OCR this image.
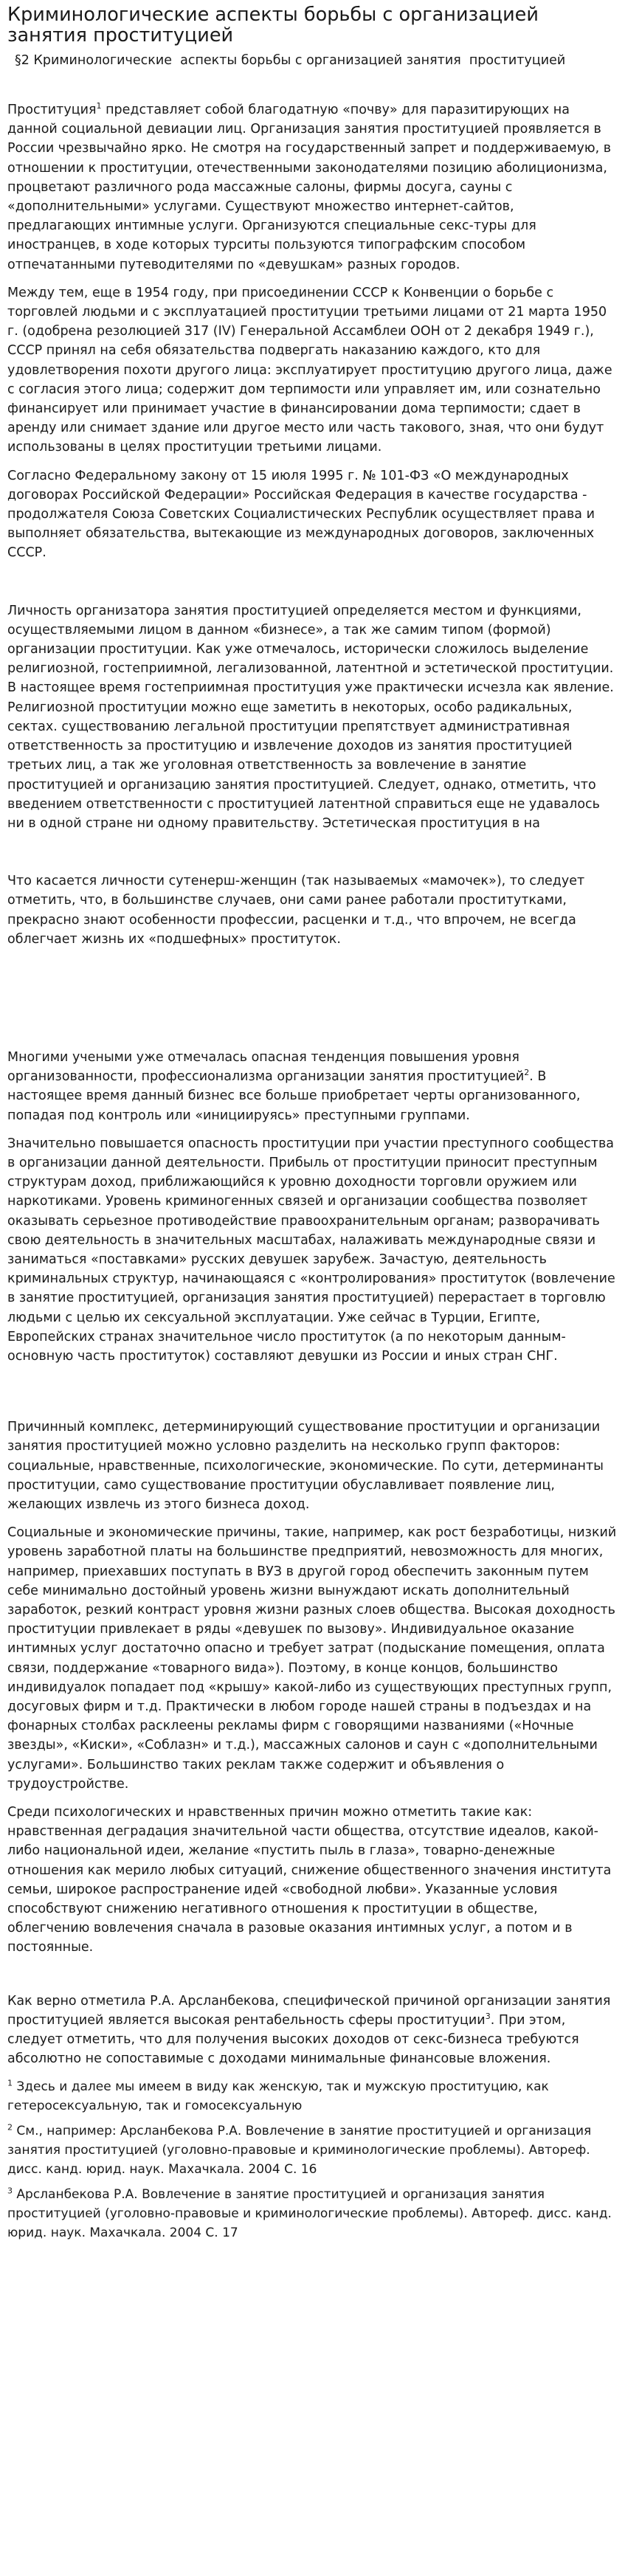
Криминологические аспекты борьбы с организацией занятия проституцией
§2 Криминологические  аспекты борьбы с организацией занятия  проституцией

Проституция$^1$ представляет собой благодатную «почву» для паразитирующих на данной социальной девиации лиц. Организация занятия проституцией проявляется в России чрезвычайно ярко. Не смотря на государственный запрет и поддерживаемую, в отношении к проституции, отечественными законодателями позицию аболиционизма, процветают различного рода массажные салоны, фирмы досуга, сауны с «дополнительными» услугами. Существуют множество интернет-сайтов, предлагающих интимные услуги. Организуются специальные секс-туры для иностранцев, в ходе которых турситы пользуются типографским способом отпечатанными путеводителями по «девушкам» разных городов.

Между тем, еще в 1954 году, при присоединении СССР к Конвенции о борьбе с торговлей людьми и с эксплуатацией проституции третьими лицами от 21 марта 1950 г. (одобрена резолюцией 317 (IV) Генеральной Ассамблеи ООН от 2 декабря 1949 г.), СССР принял на себя обязательства подвергать наказанию каждого, кто для удовлетворения похоти другого лица: эксплуатирует проституцию другого лица, даже с согласия этого лица; содержит дом терпимости или управляет им, или сознательно финансирует или принимает участие в финансировании дома терпимости; сдает в аренду или снимает здание или другое место или часть такового, зная, что они будут использованы в целях проституции третьими лицами.

Согласно Федеральному закону от 15 июля 1995 г. № 101-ФЗ «О международных договорах Российской Федерации» Российская Федерация в качестве государства - продолжателя Союза Советских Социалистических Республик осуществляет права и выполняет обязательства, вытекающие из международных договоров, заключенных СССР.

Личность организатора занятия проституцией определяется местом и функциями, осуществляемыми лицом в данном «бизнесе», а так же самим типом (формой) организации проституции. Как уже отмечалось, исторически сложилось выделение религиозной, гостеприимной, легализованной, латентной и эстетической проституции. В настоящее время гостеприимная проституция уже практически исчезла как явление. Религиозной проституции можно еще заметить в некоторых, особо радикальных, сектах. существованию легальной проституции препятствует административная ответственность за проституцию и извлечение доходов из занятия проституцией третьих лиц, а так же уголовная ответственность за вовлечение в занятие проституцией и организацию занятия проституцией. Следует, однако, отметить, что введением ответственности с проституцией латентной справиться еще не удавалось ни в одной стране ни одному правительству. Эстетическая проституция в на

Что касается личности сутенерш-женщин (так называемых «мамочек»), то следует отметить, что, в большинстве случаев, они сами ранее работали проститутками, прекрасно знают особенности профессии, расценки и т.д., что впрочем, не всегда облегчает жизнь их «подшефных» проституток.

Многими учеными уже отмечалась опасная тенденция повышения уровня организованности, профессионализма организации занятия проституцией$^2$. В настоящее время данный бизнес все больше приобретает черты организованного, попадая под контроль или «инициируясь» преступными группами.

Значительно повышается опасность проституции при участии преступного сообщества в организации данной деятельности. Прибыль от проституции приносит преступным структурам доход, приближающийся к уровню доходности торговли оружием или наркотиками. Уровень криминогенных связей и организации сообщества позволяет оказывать серьезное противодействие правоохранительным органам; разворачивать свою деятельность в значительных масштабах, налаживать международные связи и заниматься «поставками» русских девушек зарубеж. Зачастую, деятельность криминальных структур, начинающаяся с «контролирования» проституток (вовлечение в занятие проституцией, организация занятия проституцией) перерастает в торговлю людьми с целью их сексуальной эксплуатации. Уже сейчас в Турции, Египте, Европейских странах значительное число проституток (а по некоторым данным- основную часть проституток) составляют девушки из России и иных стран СНГ.

Причинный комплекс, детерминирующий существование проституции и организации занятия проституцией можно условно разделить на несколько групп факторов: социальные, нравственные, психологические, экономические. По сути, детерминанты проституции, само существование проституции обуславливает появление лиц, желающих извлечь из этого бизнеса доход.

Социальные и экономические причины, такие, например, как рост безработицы, низкий уровень заработной платы на большинстве предприятий, невозможность для многих, например, приехавших поступать в ВУЗ в другой город обеспечить законным путем себе минимально достойный уровень жизни вынуждают искать дополнительный заработок, резкий контраст уровня жизни разных слоев общества. Высокая доходность проституции привлекает в ряды «девушек по вызову». Индивидуальное оказание интимных услуг достаточно опасно и требует затрат (подыскание помещения, оплата связи, поддержание «товарного вида»). Поэтому, в конце концов, большинство индивидуалок попадает под «крышу» какой-либо из существующих преступных групп, досуговых фирм и т.д. Практически в любом городе нашей страны в подъездах и на фонарных столбах расклеены рекламы фирм с говорящими названиями («Ночные звезды», «Киски», «Соблазн» и т.д.), массажных салонов и саун с «дополнительными услугами». Большинство таких реклам также содержит и объявления о трудоустройстве.

Среди психологических и нравственных причин можно отметить такие как: нравственная деградация значительной части общества, отсутствие идеалов, какой-либо национальной идеи, желание «пустить пыль в глаза», товарно-денежные отношения как мерило любых ситуаций, снижение общественного значения института семьи, широкое распространение идей «свободной любви». Указанные условия способствуют снижению негативного отношения к проституции в обществе, облегчению вовлечения сначала в разовые оказания интимных услуг, а потом и в постоянные.

Как верно отметила Р.А. Арсланбекова, специфической причиной организации занятия проституцией является высокая рентабельность сферы проституции$^3$. При этом, следует отметить, что для получения высоких доходов от секс-бизнеса требуются абсолютно не сопоставимые с доходами минимальные финансовые вложения.

$^1$ Здесь и далее мы имеем в виду как женскую, так и мужскую проституцию, как гетеросексуальную, так и гомосексуальную

$^2$ См., например: Арсланбекова Р.А. Вовлечение в занятие проституцией и организация занятия проституцией (уголовно-правовые и криминологические проблемы). Автореф. дисс. канд. юрид. наук. Махачкала. 2004 С. 16

$^3$ Арсланбекова Р.А. Вовлечение в занятие проституцией и организация занятия проституцией (уголовно-правовые и криминологические проблемы). Автореф. дисс. канд. юрид. наук. Махачкала. 2004 С. 17
